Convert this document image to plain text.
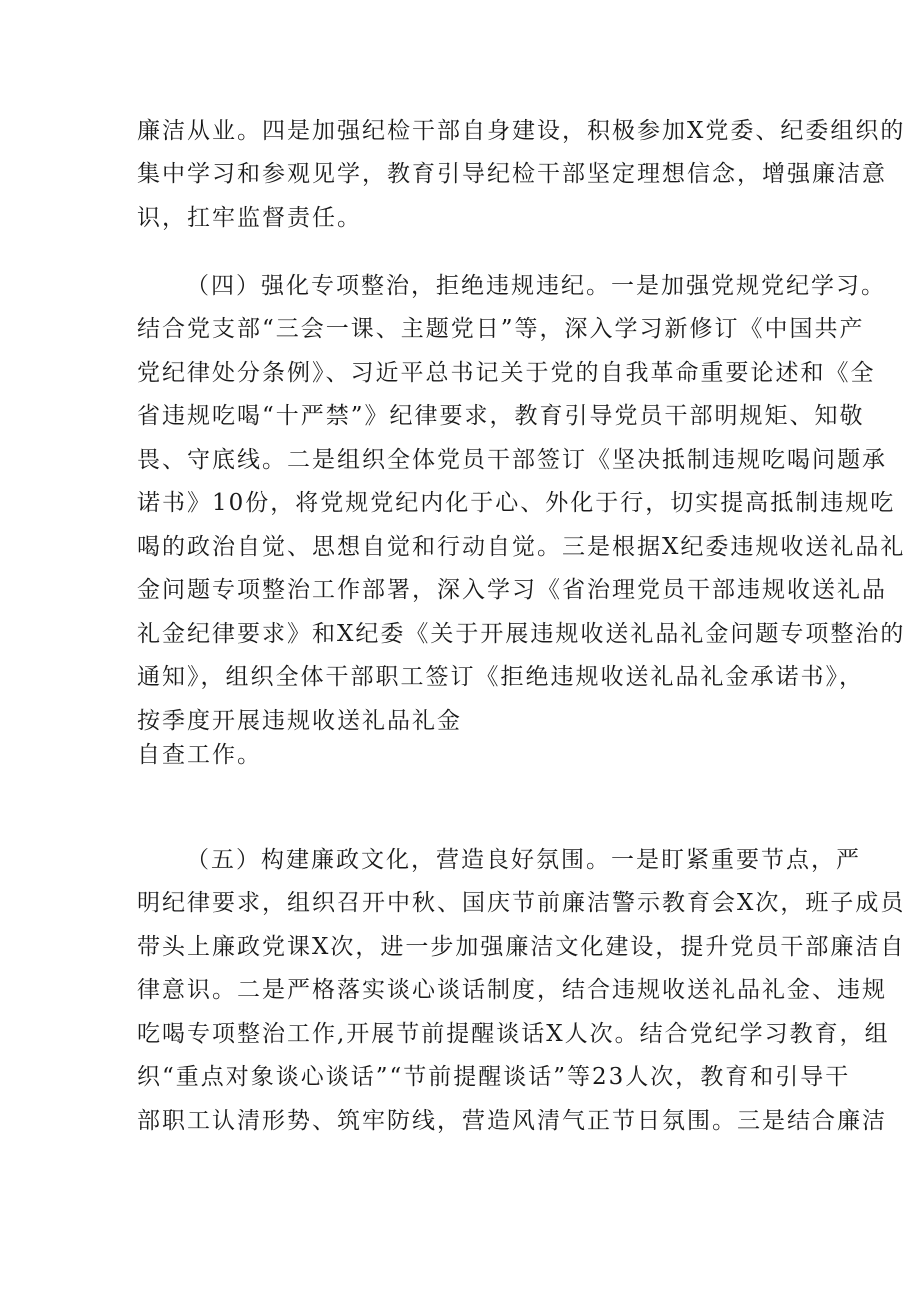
廉洁从业。四是加强纪检干部自身建设，积极参加X党委、纪委组织的
集中学习和参观见学，教育引导纪检干部坚定理想信念，增强廉洁意
识，扛牢监督责任。
（四）强化专项整治，拒绝违规违纪。一是加强党规党纪学习。
结合党支部“三会一课、主题党日”等，深入学习新修订《中国共产
党纪律处分条例》、习近平总书记关于党的自我革命重要论述和《全
省违规吃喝“十严禁”》纪律要求，教育引导党员干部明规矩、知敬
畏、守底线。二是组织全体党员干部签订《坚决抵制违规吃喝问题承
诺书》10份，将党规党纪内化于心、外化于行，切实提高抵制违规吃
喝的政治自觉、思想自觉和行动自觉。三是根据X纪委违规收送礼品礼
金问题专项整治工作部署，深入学习《省治理党员干部违规收送礼品
礼金纪律要求》和X纪委《关于开展违规收送礼品礼金问题专项整治的
通知》，组织全体干部职工签订《拒绝违规收送礼品礼金承诺书》，
按季度开展违规收送礼品礼金
自查工作。
（五）构建廉政文化，营造良好氛围。一是盯紧重要节点，严
明纪律要求，组织召开中秋、国庆节前廉洁警示教育会X次，班子成员
带头上廉政党课X次，进一步加强廉洁文化建设，提升党员干部廉洁自
律意识。二是严格落实谈心谈话制度，结合违规收送礼品礼金、违规
吃喝专项整治工作,开展节前提醒谈话X人次。结合党纪学习教育，组
织“重点对象谈心谈话”“节前提醒谈话”等23人次，教育和引导干
部职工认清形势、筑牢防线，营造风清气正节日氛围。三是结合廉洁
